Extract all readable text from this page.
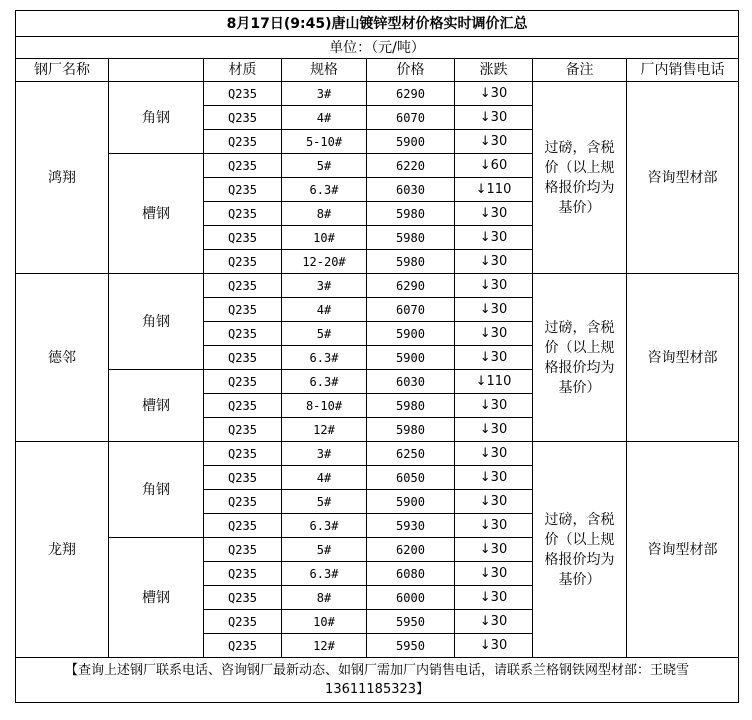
8月17日(9:45)唐山镀锌型材价格实时调价汇总							
单位：（元/吨）							
钢厂名称		材质	规格	价格	涨跌	备注	厂内销售电话
鸿翔	角钢	Q235	3#	6290	↓30	过磅，含税价（以上规格报价均为基价）	咨询型材部
		Q235	4#	6070	↓30		
		Q235	5-10#	5900	↓30		
	槽钢	Q235	5#	6220	↓60		
		Q235	6.3#	6030	↓110		
		Q235	8#	5980	↓30		
		Q235	10#	5980	↓30		
		Q235	12-20#	5980	↓30		
德邻	角钢	Q235	3#	6290	↓30	过磅，含税价（以上规格报价均为基价）	咨询型材部
		Q235	4#	6070	↓30		
		Q235	5#	5900	↓30		
		Q235	6.3#	5900	↓30		
	槽钢	Q235	6.3#	6030	↓110		
		Q235	8-10#	5980	↓30		
		Q235	12#	5980	↓30		
龙翔	角钢	Q235	3#	6250	↓30	过磅，含税价（以上规格报价均为基价）	咨询型材部
		Q235	4#	6050	↓30		
		Q235	5#	5900	↓30		
		Q235	6.3#	5930	↓30		
	槽钢	Q235	5#	6200	↓30		
		Q235	6.3#	6080	↓30		
		Q235	8#	6000	↓30		
		Q235	10#	5950	↓30		
		Q235	12#	5950	↓30		
【查询上述钢厂联系电话、咨询钢厂最新动态、如钢厂需加厂内销售电话，请联系兰格钢铁网型材部：王晓雪13611185323】							
